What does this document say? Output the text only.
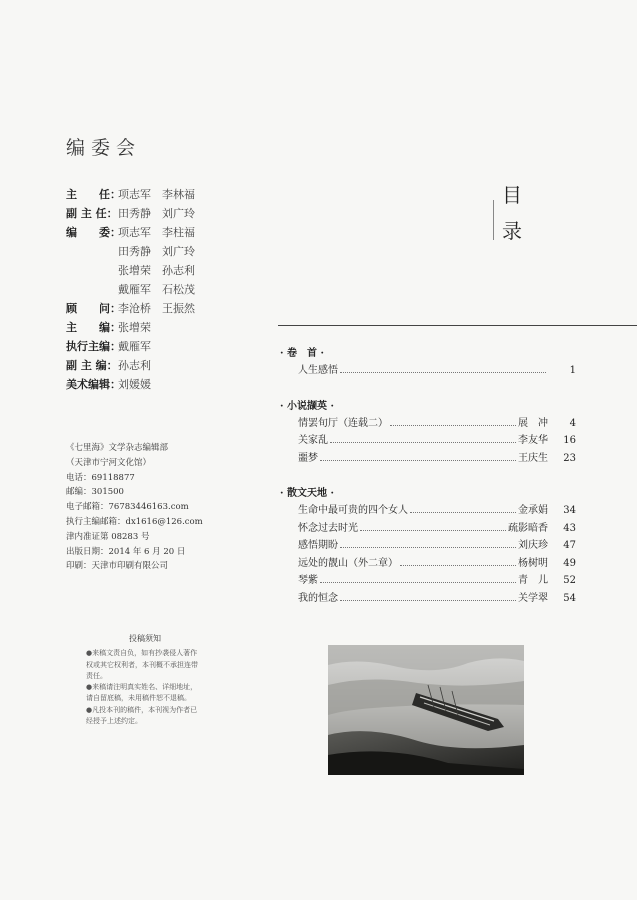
编委会
主　　任：
项志军　李林福
副 主 任： 田秀静　刘广玲
编　　委：
项志军　李柱福
田秀静　刘广玲
张增荣　孙志利
戴雁军　石松茂
顾　　问：
李沧桥　王振然
主　　编：
张增荣
执行主编：
戴雁军
副 主 编： 孙志利
美术编辑：
刘媛媛
《七里海》文学杂志编辑部
（天津市宁河文化馆）
电话：69118877
邮编：301500
电子邮箱：76783446163.com
执行主编邮箱：dx1616@126.com
津内准证第 08283 号
出版日期：2014 年 6 月 20 日
印刷：天津市印刷有限公司
投稿须知

●来稿文责自负，如有抄袭侵人著作权或其它权利者，本刊概不承担连带责任。

●来稿请注明真实姓名、详细地址，请自留底稿，未用稿件恕不退稿。

●凡投本刊的稿件，本刊视为作者已经授予上述约定。

目录
· 卷　首 ·
人生感悟	1
· 小说撷英 ·
情罢旬厅（连载二）	展　冲	4
关家乱	李友华	16
噩梦	王庆生	23
· 散文天地 ·
生命中最可贵的四个女人	金承娟	34
怀念过去时光	疏影暗香	43
感悟期盼	刘庆珍	47
远处的靓山（外二章）	杨树明	49
琴紫	青　儿	52
我的恒念	关学翠	54
